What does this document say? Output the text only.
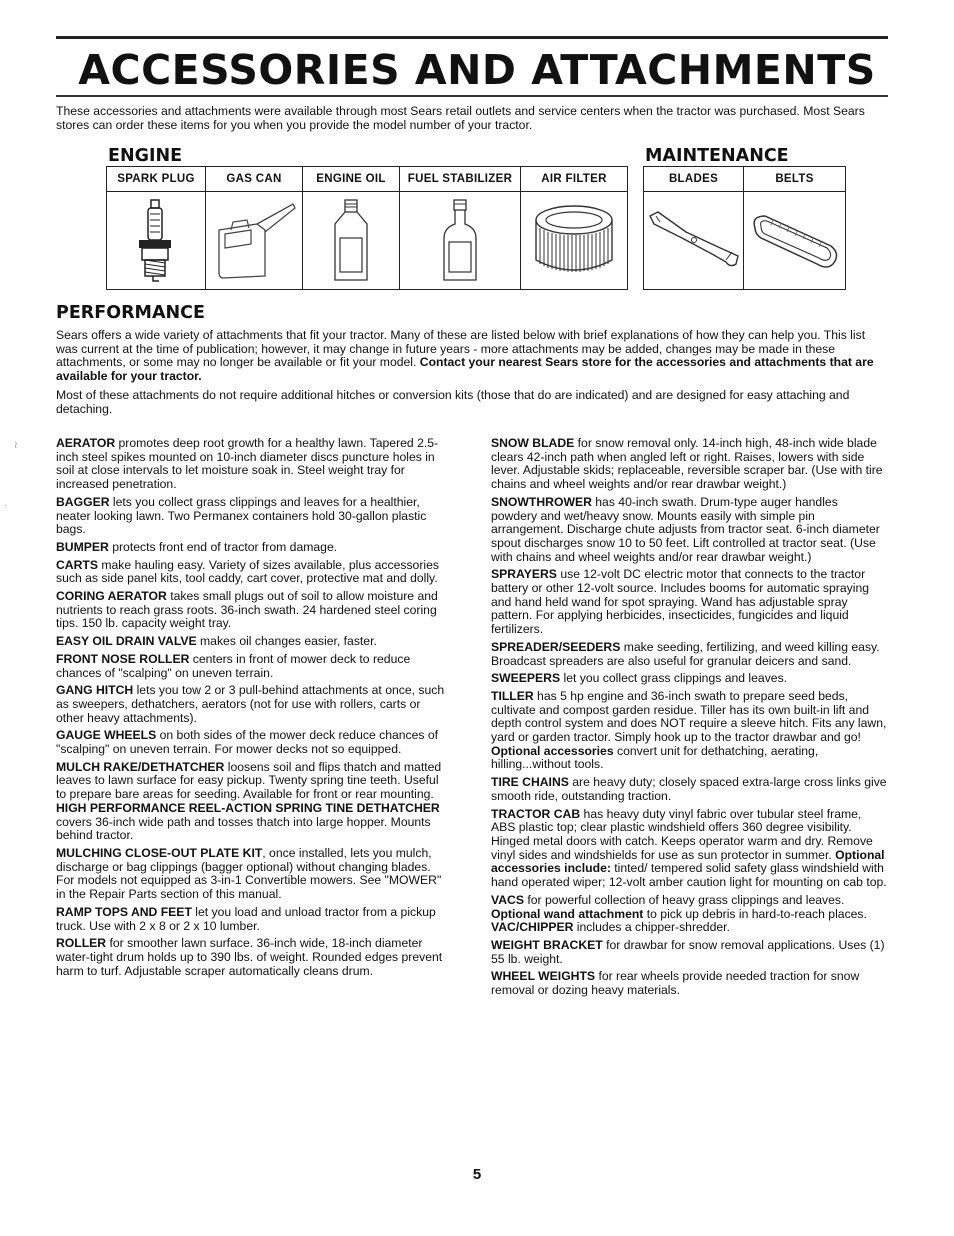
ACCESSORIES AND ATTACHMENTS
These accessories and attachments were available through most Sears retail outlets and service centers when the tractor was purchased. Most Sears stores can order these items for you when you provide the model number of your tractor.
ENGINE	MAINTENANCE
SPARK PLUG	GAS CAN	ENGINE OIL	FUEL STABILIZER	AIR FILTER

		BLADES	BELTS

PERFORMANCE

Sears offers a wide variety of attachments that fit your tractor. Many of these are listed below with brief explanations of how they can help you. This list was current at the time of publication; however, it may change in future years - more attachments may be added, changes may be made in these attachments, or some may no longer be available or fit your model. Contact your nearest Sears store for the accessories and attachments that are available for your tractor.

Most of these attachments do not require additional hitches or conversion kits (those that do are indicated) and are designed for easy attaching and detaching.

≀
·

AERATOR promotes deep root growth for a healthy lawn. Tapered 2.5-inch steel spikes mounted on 10-inch diameter discs puncture holes in soil at close intervals to let moisture soak in. Steel weight tray for increased penetration.

BAGGER lets you collect grass clippings and leaves for a healthier, neater looking lawn. Two Permanex containers hold 30-gallon plastic bags.

BUMPER protects front end of tractor from damage.

CARTS make hauling easy. Variety of sizes available, plus accessories such as side panel kits, tool caddy, cart cover, protective mat and dolly.

CORING AERATOR takes small plugs out of soil to allow moisture and nutrients to reach grass roots. 36-inch swath. 24 hardened steel coring tips. 150 lb. capacity weight tray.

EASY OIL DRAIN VALVE makes oil changes easier, faster.

FRONT NOSE ROLLER centers in front of mower deck to reduce chances of "scalping" on uneven terrain.

GANG HITCH lets you tow 2 or 3 pull-behind attachments at once, such as sweepers, dethatchers, aerators (not for use with rollers, carts or other heavy attachments).

GAUGE WHEELS on both sides of the mower deck reduce chances of "scalping" on uneven terrain. For mower decks not so equipped.

MULCH RAKE/DETHATCHER loosens soil and flips thatch and matted leaves to lawn surface for easy pickup. Twenty spring tine teeth. Useful to prepare bare areas for seeding. Available for front or rear mounting. HIGH PERFORMANCE REEL-ACTION SPRING TINE DETHATCHER covers 36-inch wide path and tosses thatch into large hopper. Mounts behind tractor.

MULCHING CLOSE-OUT PLATE KIT, once installed, lets you mulch, discharge or bag clippings (bagger optional) without changing blades. For models not equipped as 3-in-1 Convertible mowers. See "MOWER" in the Repair Parts section of this manual.

RAMP TOPS AND FEET let you load and unload tractor from a pickup truck. Use with 2 x 8 or 2 x 10 lumber.

ROLLER for smoother lawn surface. 36-inch wide, 18-inch diameter water-tight drum holds up to 390 lbs. of weight. Rounded edges prevent harm to turf. Adjustable scraper automatically cleans drum.

SNOW BLADE for snow removal only. 14-inch high, 48-inch wide blade clears 42-inch path when angled left or right. Raises, lowers with side lever. Adjustable skids; replaceable, reversible scraper bar. (Use with tire chains and wheel weights and/or rear drawbar weight.)

SNOWTHROWER has 40-inch swath. Drum-type auger handles powdery and wet/heavy snow. Mounts easily with simple pin arrangement. Discharge chute adjusts from tractor seat. 6-inch diameter spout discharges snow 10 to 50 feet. Lift controlled at tractor seat. (Use with chains and wheel weights and/or rear drawbar weight.)

SPRAYERS use 12-volt DC electric motor that connects to the tractor battery or other 12-volt source. Includes booms for automatic spraying and hand held wand for spot spraying. Wand has adjustable spray pattern. For applying herbicides, insecticides, fungicides and liquid fertilizers.

SPREADER/SEEDERS make seeding, fertilizing, and weed killing easy. Broadcast spreaders are also useful for granular deicers and sand.

SWEEPERS let you collect grass clippings and leaves.

TILLER has 5 hp engine and 36-inch swath to prepare seed beds, cultivate and compost garden residue. Tiller has its own built-in lift and depth control system and does NOT require a sleeve hitch. Fits any lawn, yard or garden tractor. Simply hook up to the tractor drawbar and go! Optional accessories convert unit for dethatching, aerating, hilling...without tools.

TIRE CHAINS are heavy duty; closely spaced extra-large cross links give smooth ride, outstanding traction.

TRACTOR CAB has heavy duty vinyl fabric over tubular steel frame, ABS plastic top; clear plastic windshield offers 360 degree visibility. Hinged metal doors with catch. Keeps operator warm and dry. Remove vinyl sides and windshields for use as sun protector in summer. Optional accessories include: tinted/ tempered solid safety glass windshield with hand operated wiper; 12-volt amber caution light for mounting on cab top.

VACS for powerful collection of heavy grass clippings and leaves. Optional wand attachment to pick up debris in hard-to-reach places. VAC/CHIPPER includes a chipper-shredder.

WEIGHT BRACKET for drawbar for snow removal applications. Uses (1) 55 lb. weight.

WHEEL WEIGHTS for rear wheels provide needed traction for snow removal or dozing heavy materials.

5
